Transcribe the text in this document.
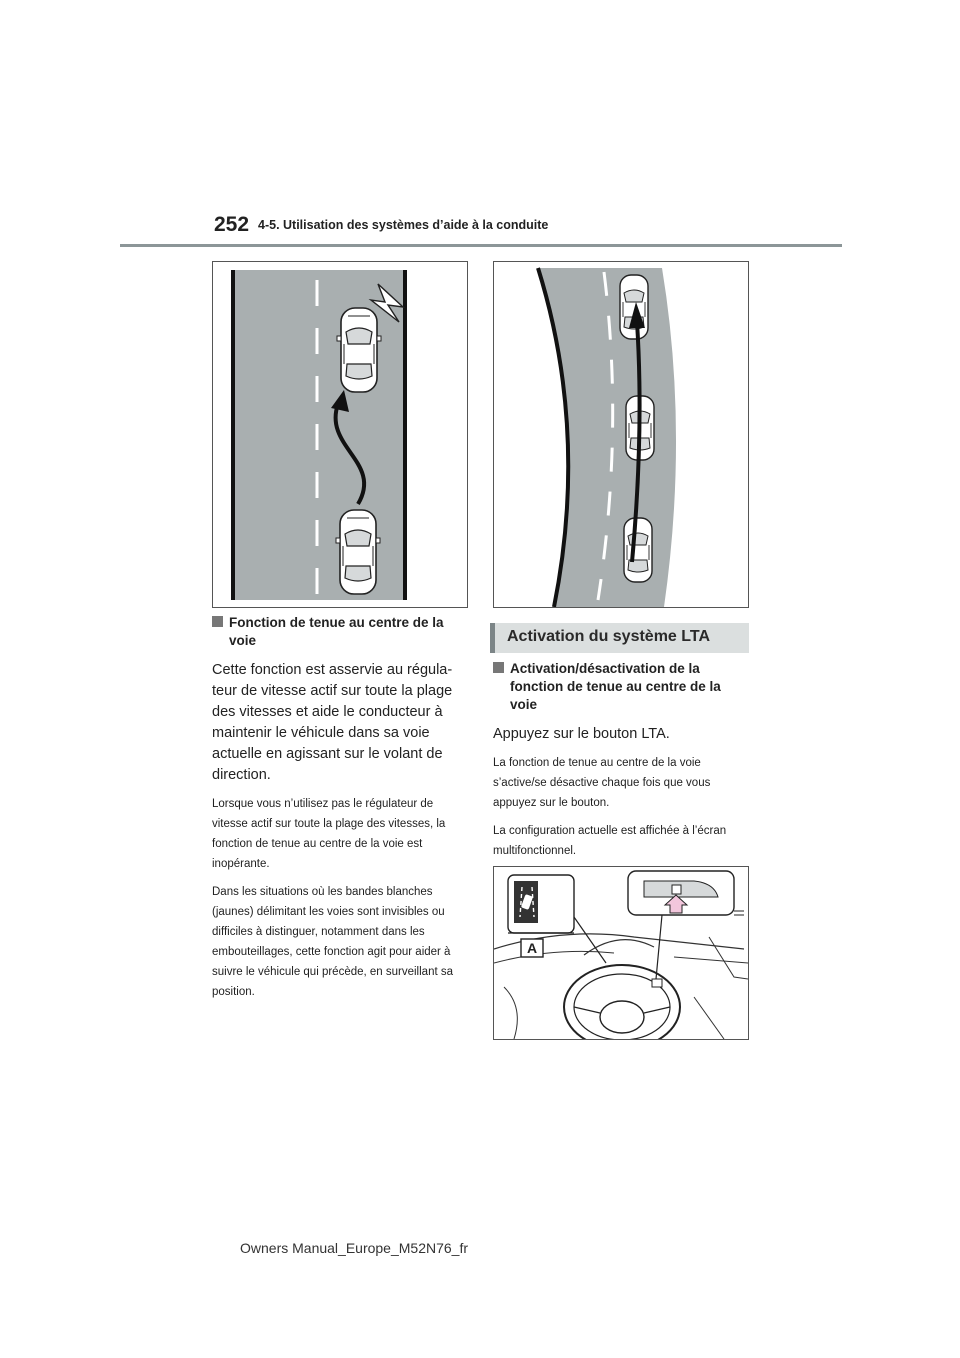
252 4-5. Utilisation des systèmes d’aide à la conduite
Fonction de tenue au centre de la
voie
Cette fonction est asservie au régula-teur de vitesse actif sur toute la plage des vitesses et aide le conducteur à maintenir le véhicule dans sa voie actuelle en agissant sur le volant de direction.
Lorsque vous n’utilisez pas le régulateur de vitesse actif sur toute la plage des vitesses, la fonction de tenue au centre de la voie est inopérante.
Dans les situations où les bandes blanches (jaunes) délimitant les voies sont invisibles ou difficiles à distinguer, notamment dans les embouteillages, cette fonction agit pour aider à suivre le véhicule qui précède, en surveillant sa position.
Activation du système LTA
Activation/désactivation de la
fonction de tenue au centre de la
voie
Appuyez sur le bouton LTA.
La fonction de tenue au centre de la voie s’active/se désactive chaque fois que vous appuyez sur le bouton.
La configuration actuelle est affichée à l’écran multifonctionnel.
A
Owners Manual_Europe_M52N76_fr
